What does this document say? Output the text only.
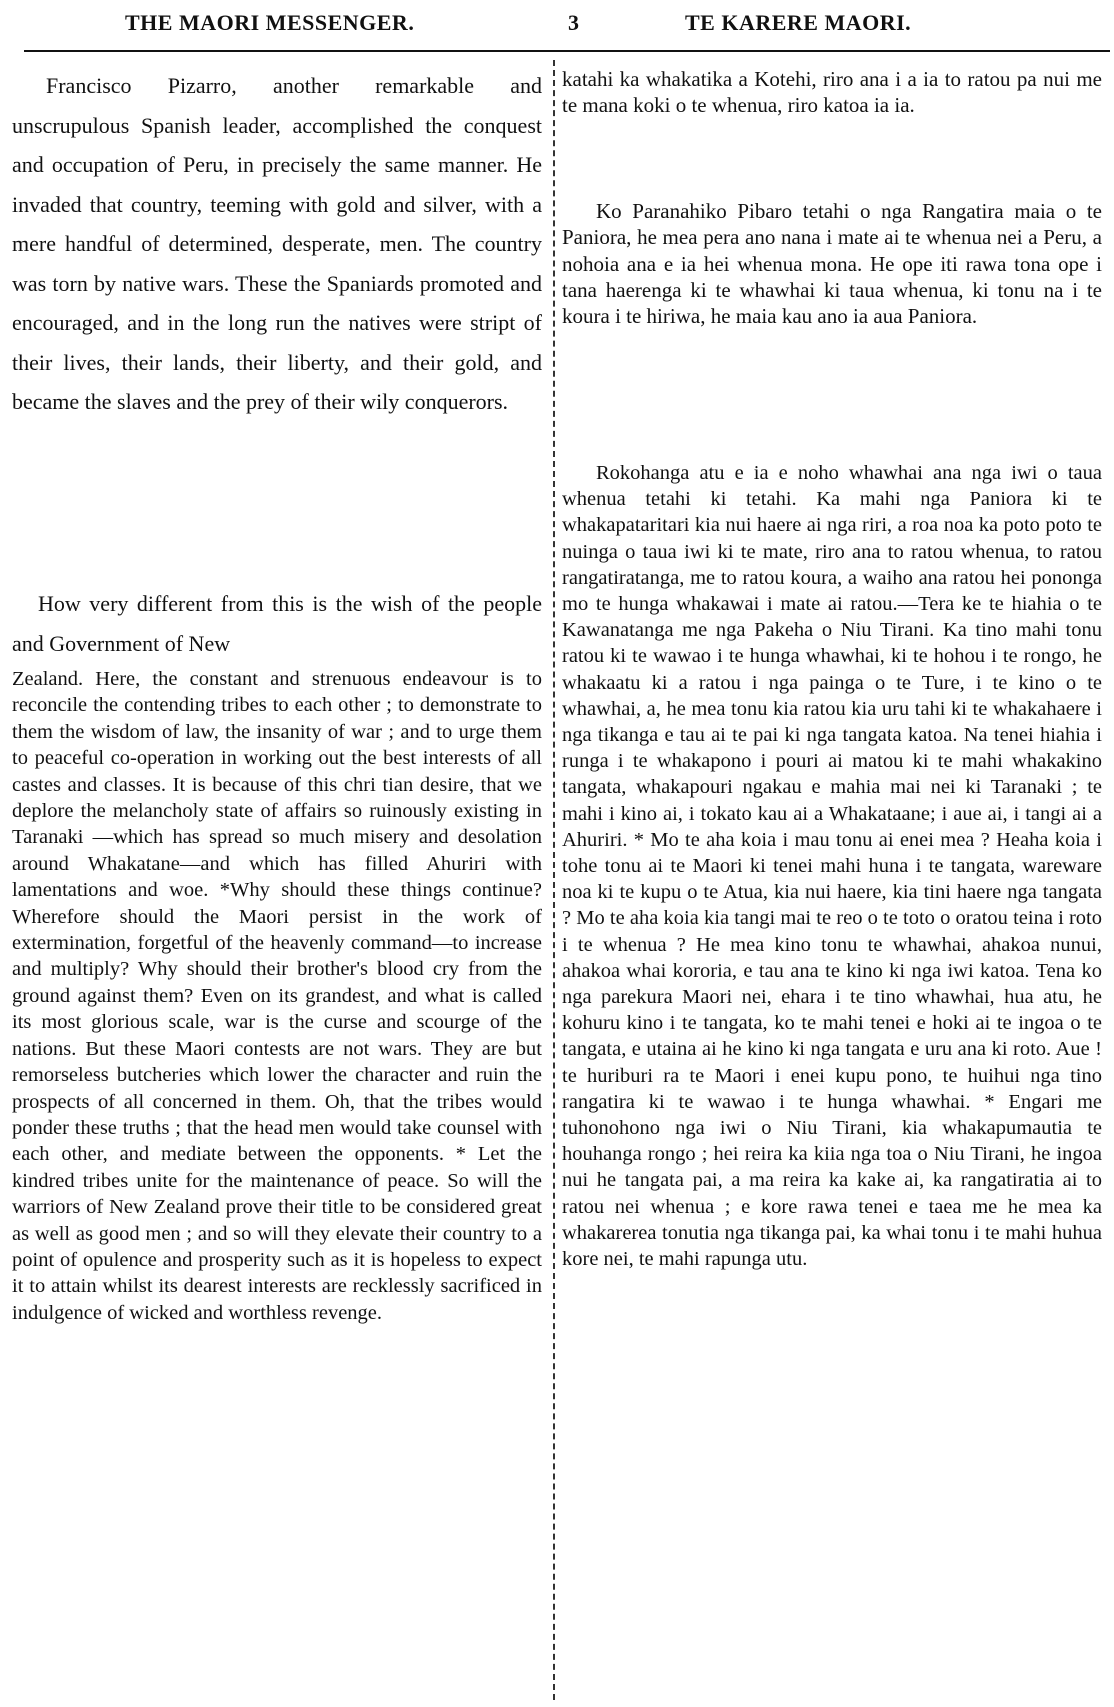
THE MAORI MESSENGER.	3	TE KARERE MAORI.
Francisco Pizarro, another remarkable and unscrupulous Spanish leader, accomplished the conquest and occupation of Peru, in precisely the same manner. He invaded that country, teeming with gold and silver, with a mere handful of determined, desperate, men. The country was torn by native wars. These the Spaniards promoted and encouraged, and in the long run the natives were stript of their lives, their lands, their liberty, and their gold, and became the slaves and the prey of their wily conquerors.
How very different from this is the wish of the people and Government of New
Zealand. Here, the constant and strenuous endeavour is to reconcile the contending tribes to each other ; to demonstrate to them the wisdom of law, the insanity of war ; and to urge them to peaceful co-operation in working out the best interests of all castes and classes. It is because of this chri tian desire, that we deplore the melancholy state of affairs so ruinously existing in Taranaki —which has spread so much misery and desolation around Whakatane—and which has filled Ahuriri with lamentations and woe. *Why should these things continue? Wherefore should the Maori persist in the work of extermination, forgetful of the heavenly command—to increase and multiply? Why should their brother's blood cry from the ground against them? Even on its grandest, and what is called its most glorious scale, war is the curse and scourge of the nations. But these Maori contests are not wars. They are but remorseless butcheries which lower the character and ruin the prospects of all concerned in them. Oh, that the tribes would ponder these truths ; that the head men would take counsel with each other, and mediate between the opponents. * Let the kindred tribes unite for the maintenance of peace. So will the warriors of New Zealand prove their title to be considered great as well as good men ; and so will they elevate their country to a point of opulence and prosperity such as it is hopeless to expect it to attain whilst its dearest interests are recklessly sacrificed in indulgence of wicked and worthless revenge.
katahi ka whakatika a Kotehi, riro ana i a ia to ratou pa nui me te mana koki o te whenua, riro katoa ia ia.
Ko Paranahiko Pibaro tetahi o nga Rangatira maia o te Paniora, he mea pera ano nana i mate ai te whenua nei a Peru, a nohoia ana e ia hei whenua mona. He ope iti rawa tona ope i tana haerenga ki te whawhai ki taua whenua, ki tonu na i te koura i te hiriwa, he maia kau ano ia aua Paniora.
Rokohanga atu e ia e noho whawhai ana nga iwi o taua whenua tetahi ki tetahi. Ka mahi nga Paniora ki te whakapataritari kia nui haere ai nga riri, a roa noa ka poto poto te nuinga o taua iwi ki te mate, riro ana to ratou whenua, to ratou rangatiratanga, me to ratou koura, a waiho ana ratou hei pononga mo te hunga whakawai i mate ai ratou.—Tera ke te hiahia o te Kawanatanga me nga Pakeha o Niu Tirani. Ka tino mahi tonu ratou ki te wawao i te hunga whawhai, ki te hohou i te rongo, he whakaatu ki a ratou i nga painga o te Ture, i te kino o te whawhai, a, he mea tonu kia ratou kia uru tahi ki te whakahaere i nga tikanga e tau ai te pai ki nga tangata katoa. Na tenei hiahia i runga i te whakapono i pouri ai matou ki te mahi whakakino tangata, whakapouri ngakau e mahia mai nei ki Taranaki ; te mahi i kino ai, i tokato kau ai a Whakataane; i aue ai, i tangi ai a Ahuriri. * Mo te aha koia i mau tonu ai enei mea ? Heaha koia i tohe tonu ai te Maori ki tenei mahi huna i te tangata, wareware noa ki te kupu o te Atua, kia nui haere, kia tini haere nga tangata ? Mo te aha koia kia tangi mai te reo o te toto o oratou teina i roto i te whenua ? He mea kino tonu te whawhai, ahakoa nunui, ahakoa whai kororia, e tau ana te kino ki nga iwi katoa. Tena ko nga parekura Maori nei, ehara i te tino whawhai, hua atu, he kohuru kino i te tangata, ko te mahi tenei e hoki ai te ingoa o te tangata, e utaina ai he kino ki nga tangata e uru ana ki roto. Aue ! te huriburi ra te Maori i enei kupu pono, te huihui nga tino rangatira ki te wawao i te hunga whawhai. * Engari me tuhonohono nga iwi o Niu Tirani, kia whakapumautia te houhanga rongo ; hei reira ka kiia nga toa o Niu Tirani, he ingoa nui he tangata pai, a ma reira ka kake ai, ka rangatiratia ai to ratou nei whenua ; e kore rawa tenei e taea me he mea ka whakarerea tonutia nga tikanga pai, ka whai tonu i te mahi huhua kore nei, te mahi rapunga utu.
